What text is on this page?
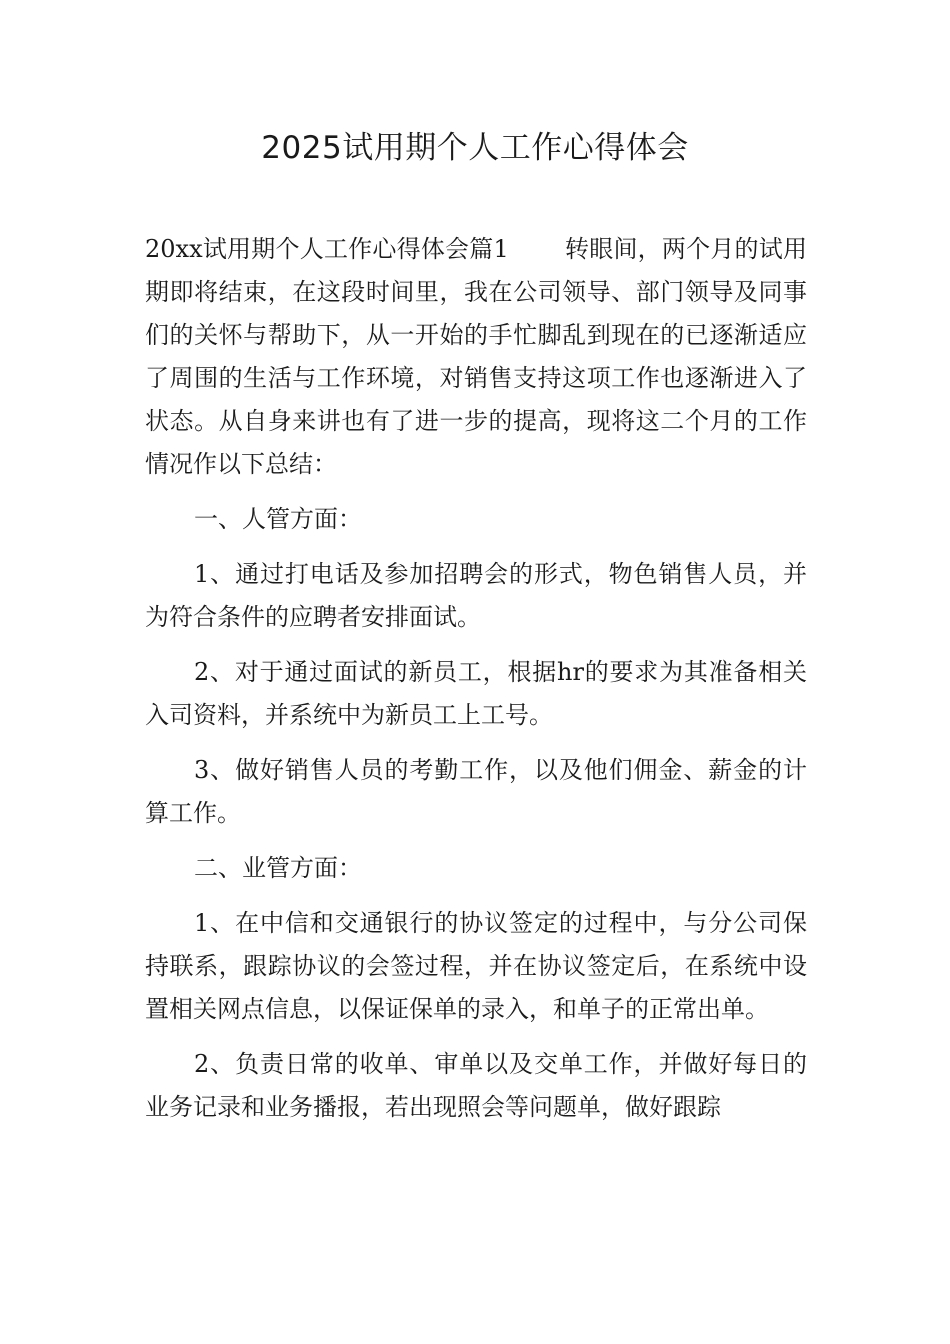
2025试用期个人工作心得体会

20xx试用期个人工作心得体会篇1 转眼间，两个月的试用期即将结束，在这段时间里，我在公司领导、部门领导及同事们的关怀与帮助下，从一开始的手忙脚乱到现在的已逐渐适应了周围的生活与工作环境，对销售支持这项工作也逐渐进入了状态。从自身来讲也有了进一步的提高，现将这二个月的工作情况作以下总结：

一、人管方面：

1、通过打电话及参加招聘会的形式，物色销售人员，并为符合条件的应聘者安排面试。

2、对于通过面试的新员工，根据hr的要求为其准备相关入司资料，并系统中为新员工上工号。

3、做好销售人员的考勤工作，以及他们佣金、薪金的计算工作。

二、业管方面：

1、在中信和交通银行的协议签定的过程中，与分公司保持联系，跟踪协议的会签过程，并在协议签定后，在系统中设置相关网点信息，以保证保单的录入，和单子的正常出单。

2、负责日常的收单、审单以及交单工作，并做好每日的业务记录和业务播报，若出现照会等问题单，做好跟踪
